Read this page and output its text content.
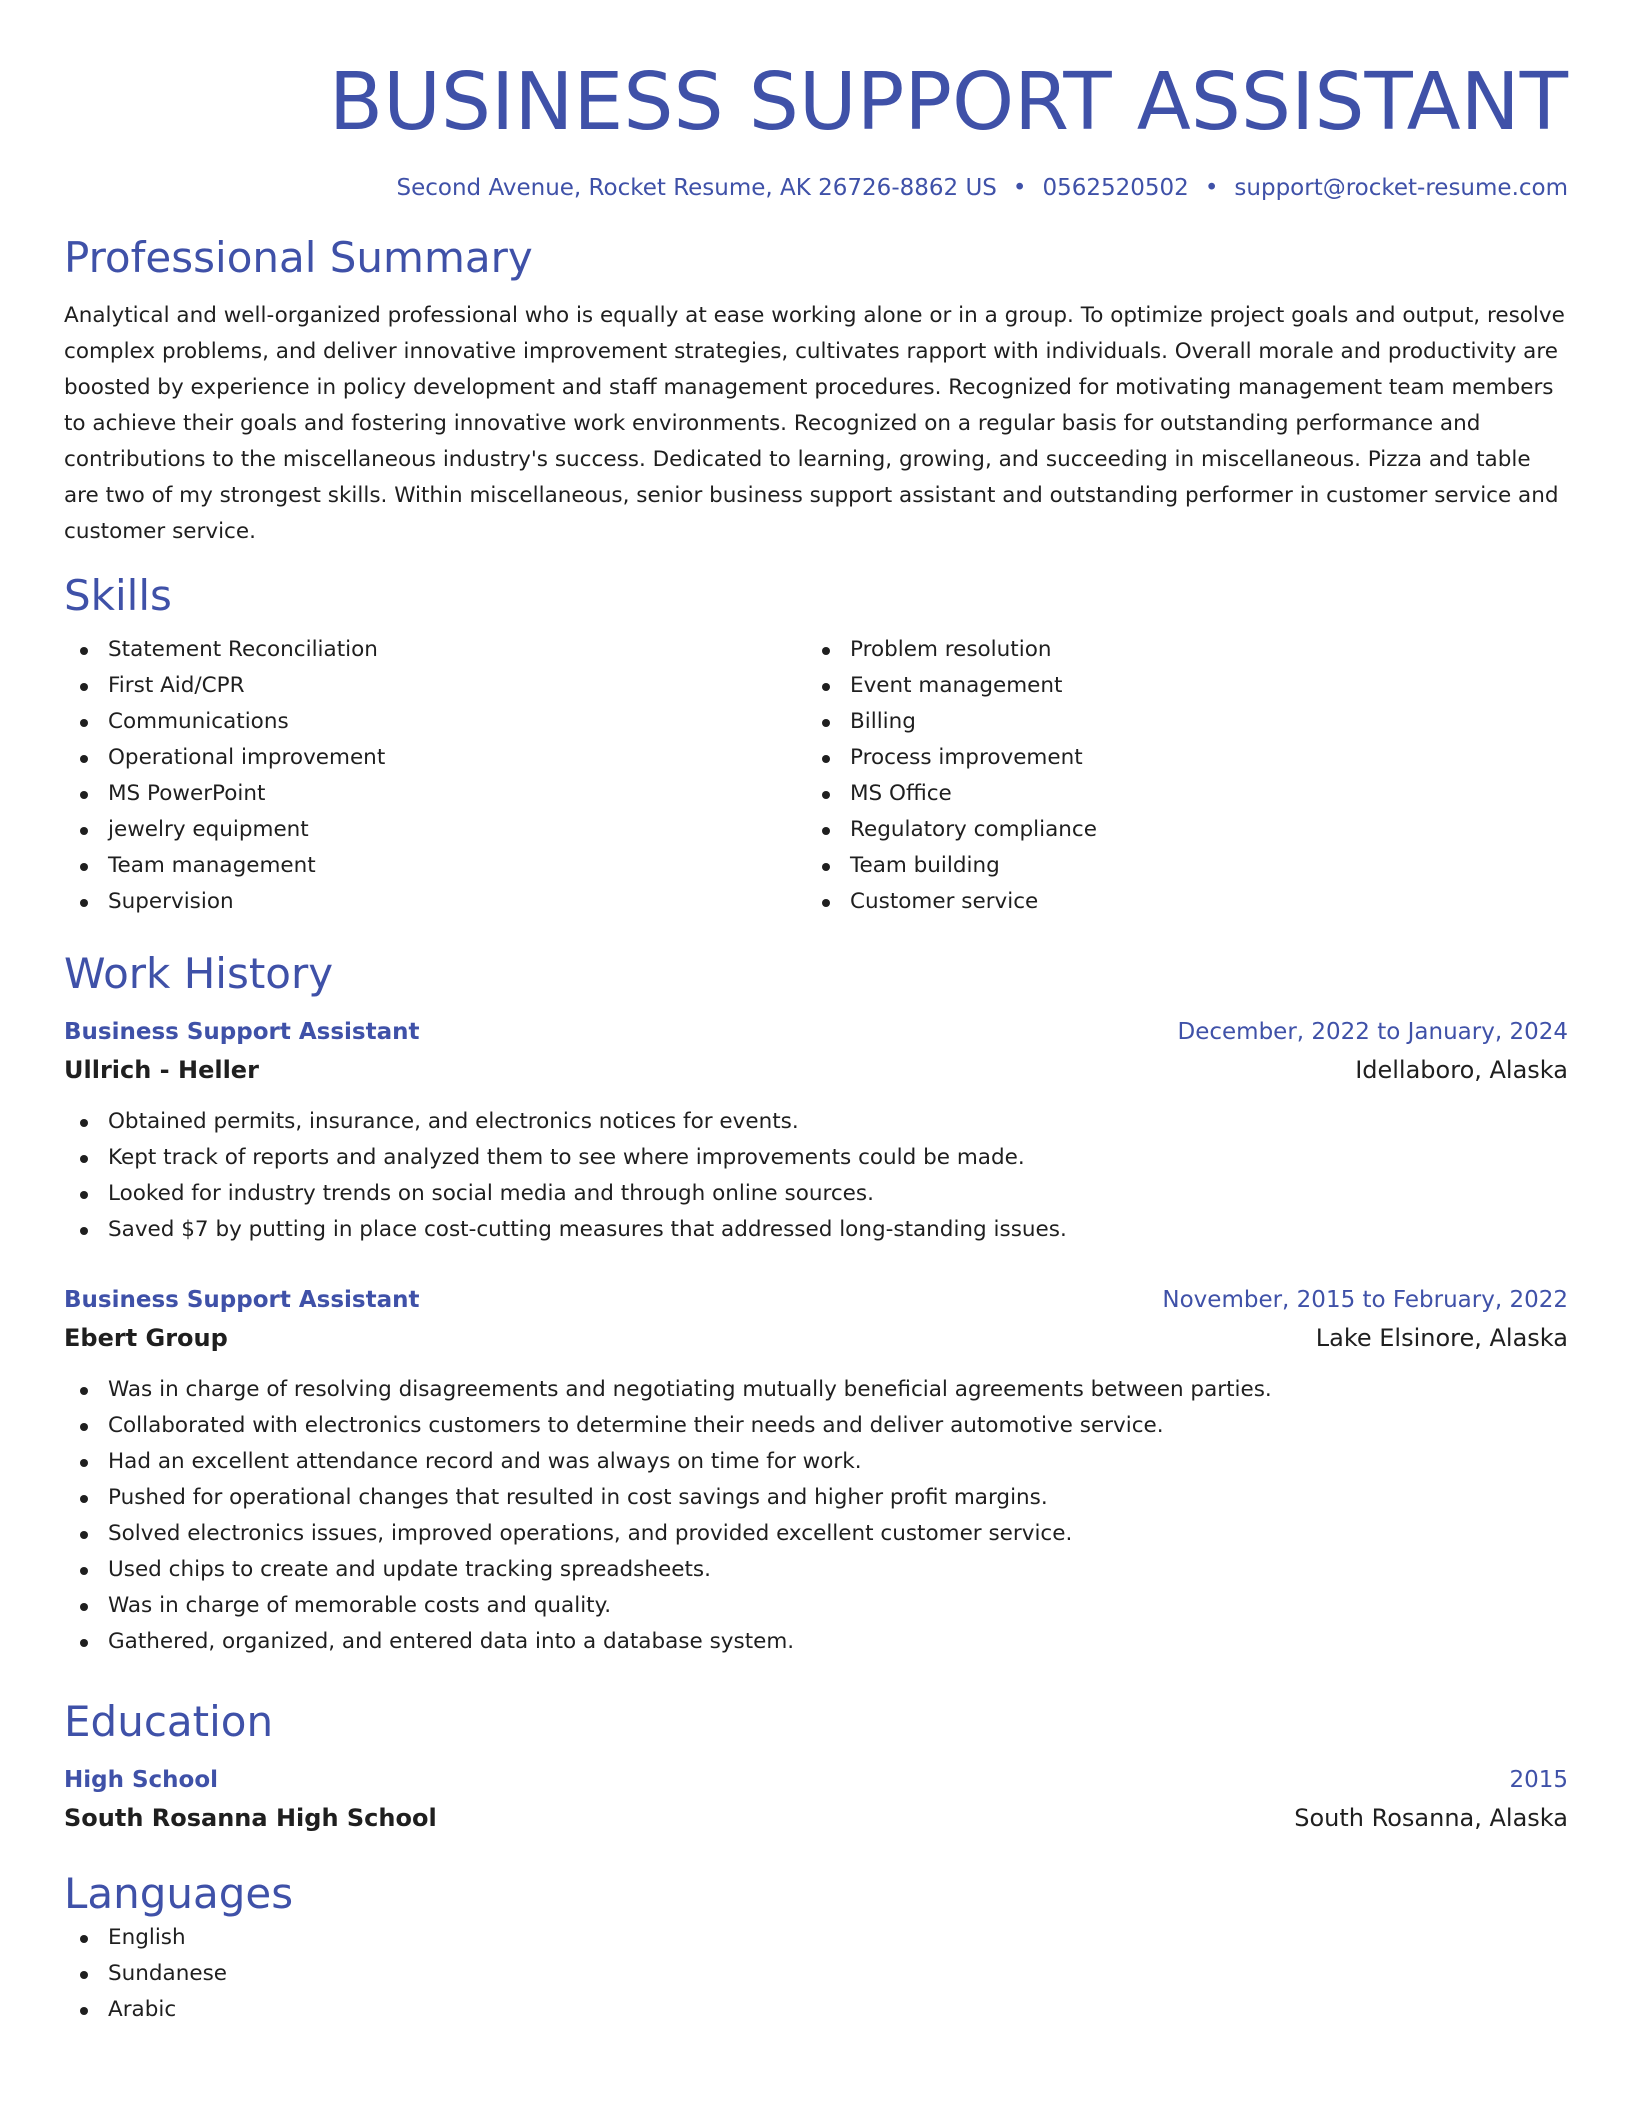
BUSINESS SUPPORT ASSISTANT
Second Avenue, Rocket Resume, AK 26726-8862 US • 0562520502 • support@rocket-resume.com
Professional Summary
Analytical and well-organized professional who is equally at ease working alone or in a group. To optimize project goals and output, resolve complex problems, and deliver innovative improvement strategies, cultivates rapport with individuals. Overall morale and productivity are boosted by experience in policy development and staff management procedures. Recognized for motivating management team members to achieve their goals and fostering innovative work environments. Recognized on a regular basis for outstanding performance and contributions to the miscellaneous industry's success. Dedicated to learning, growing, and succeeding in miscellaneous. Pizza and table are two of my strongest skills. Within miscellaneous, senior business support assistant and outstanding performer in customer service and customer service.
Skills
Statement Reconciliation
First Aid/CPR
Communications
Operational improvement
MS PowerPoint
jewelry equipment
Team management
Supervision
Problem resolution
Event management
Billing
Process improvement
MS Office
Regulatory compliance
Team building
Customer service
Work History
Business Support Assistant	December, 2022 to January, 2024
Ullrich - Heller	Idellaboro, Alaska
Obtained permits, insurance, and electronics notices for events.
Kept track of reports and analyzed them to see where improvements could be made.
Looked for industry trends on social media and through online sources.
Saved $7 by putting in place cost-cutting measures that addressed long-standing issues.
Business Support Assistant	November, 2015 to February, 2022
Ebert Group	Lake Elsinore, Alaska
Was in charge of resolving disagreements and negotiating mutually beneficial agreements between parties.
Collaborated with electronics customers to determine their needs and deliver automotive service.
Had an excellent attendance record and was always on time for work.
Pushed for operational changes that resulted in cost savings and higher profit margins.
Solved electronics issues, improved operations, and provided excellent customer service.
Used chips to create and update tracking spreadsheets.
Was in charge of memorable costs and quality.
Gathered, organized, and entered data into a database system.
Education
High School	2015
South Rosanna High School	South Rosanna, Alaska
Languages
English
Sundanese
Arabic
